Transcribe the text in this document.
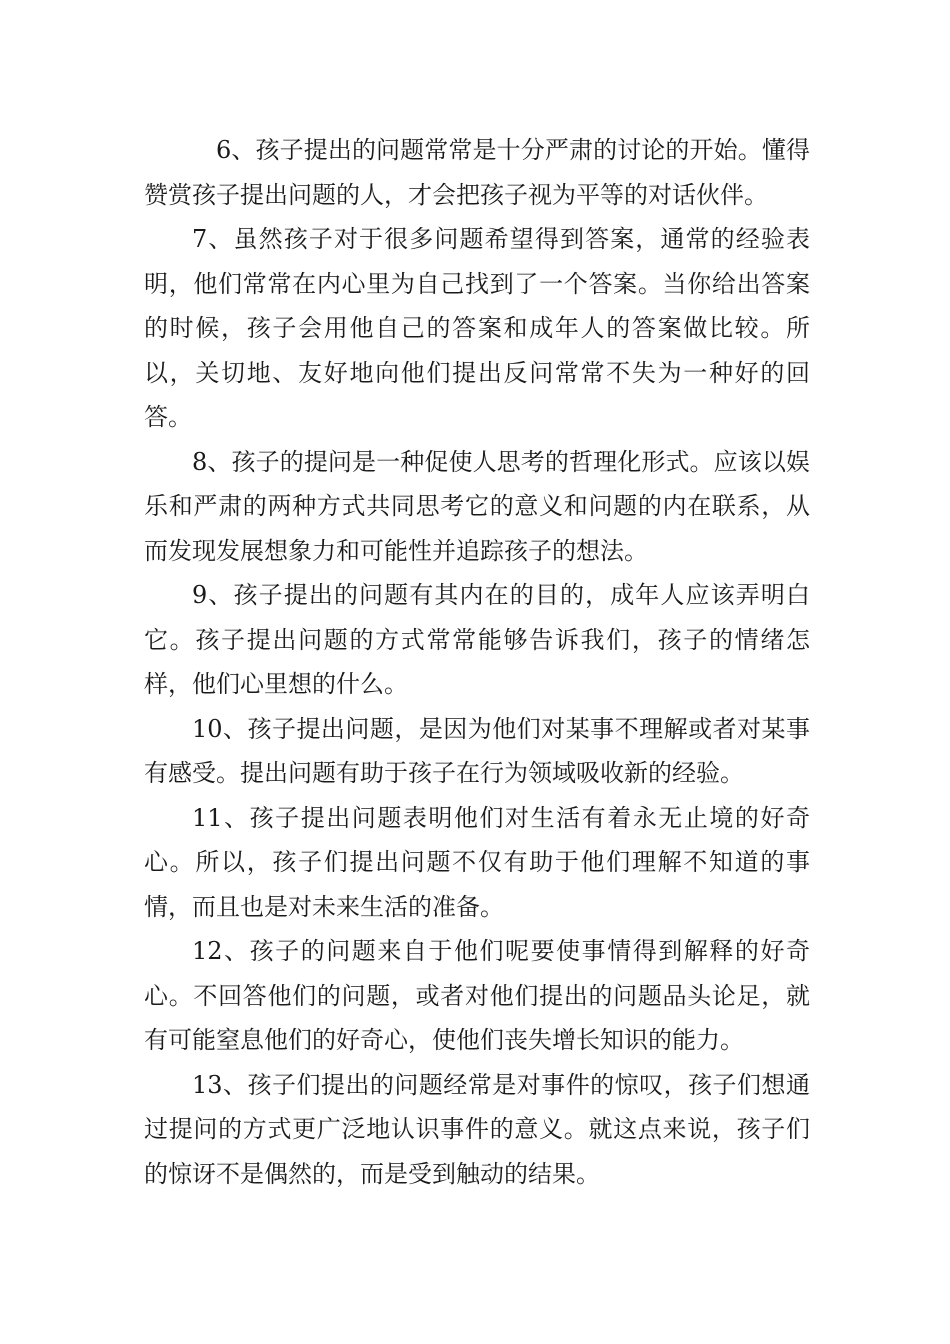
6、孩子提出的问题常常是十分严肃的讨论的开始。懂得赞赏孩子提出问题的人，才会把孩子视为平等的对话伙伴。

7、虽然孩子对于很多问题希望得到答案，通常的经验表明，他们常常在内心里为自己找到了一个答案。当你给出答案的时候，孩子会用他自己的答案和成年人的答案做比较。所以，关切地、友好地向他们提出反问常常不失为一种好的回答。

8、孩子的提问是一种促使人思考的哲理化形式。应该以娱乐和严肃的两种方式共同思考它的意义和问题的内在联系，从而发现发展想象力和可能性并追踪孩子的想法。

9、孩子提出的问题有其内在的目的，成年人应该弄明白它。孩子提出问题的方式常常能够告诉我们，孩子的情绪怎样，他们心里想的什么。

10、孩子提出问题，是因为他们对某事不理解或者对某事有感受。提出问题有助于孩子在行为领域吸收新的经验。

11、孩子提出问题表明他们对生活有着永无止境的好奇心。所以，孩子们提出问题不仅有助于他们理解不知道的事情，而且也是对未来生活的准备。

12、孩子的问题来自于他们呢要使事情得到解释的好奇心。不回答他们的问题，或者对他们提出的问题品头论足，就有可能窒息他们的好奇心，使他们丧失增长知识的能力。

13、孩子们提出的问题经常是对事件的惊叹，孩子们想通过提问的方式更广泛地认识事件的意义。就这点来说，孩子们的惊讶不是偶然的，而是受到触动的结果。
